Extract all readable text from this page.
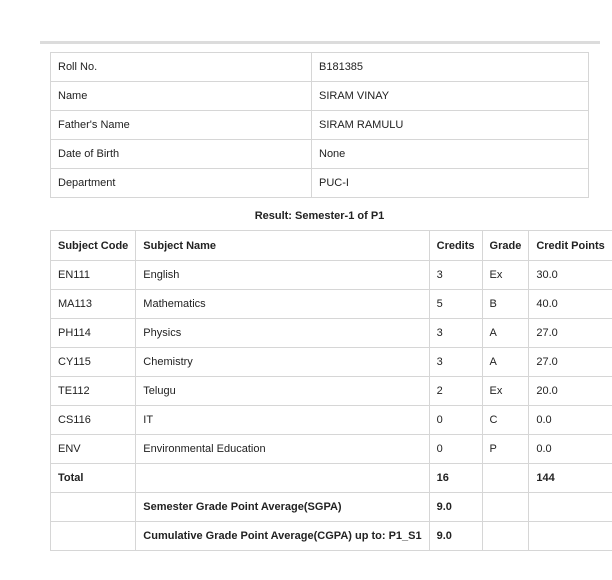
Roll No.	B181385
Name	SIRAM VINAY
Father's Name	SIRAM RAMULU
Date of Birth	None
Department	PUC-I
Result: Semester-1 of P1
Subject Code	Subject Name	Credits	Grade	Credit Points
EN111	English	3	Ex	30.0
MA113	Mathematics	5	B	40.0
PH114	Physics	3	A	27.0
CY115	Chemistry	3	A	27.0
TE112	Telugu	2	Ex	20.0
CS116	IT	0	C	0.0
ENV	Environmental Education	0	P	0.0
Total		16		144
	Semester Grade Point Average(SGPA)	9.0		
	Cumulative Grade Point Average(CGPA) up to: P1_S1	9.0		
